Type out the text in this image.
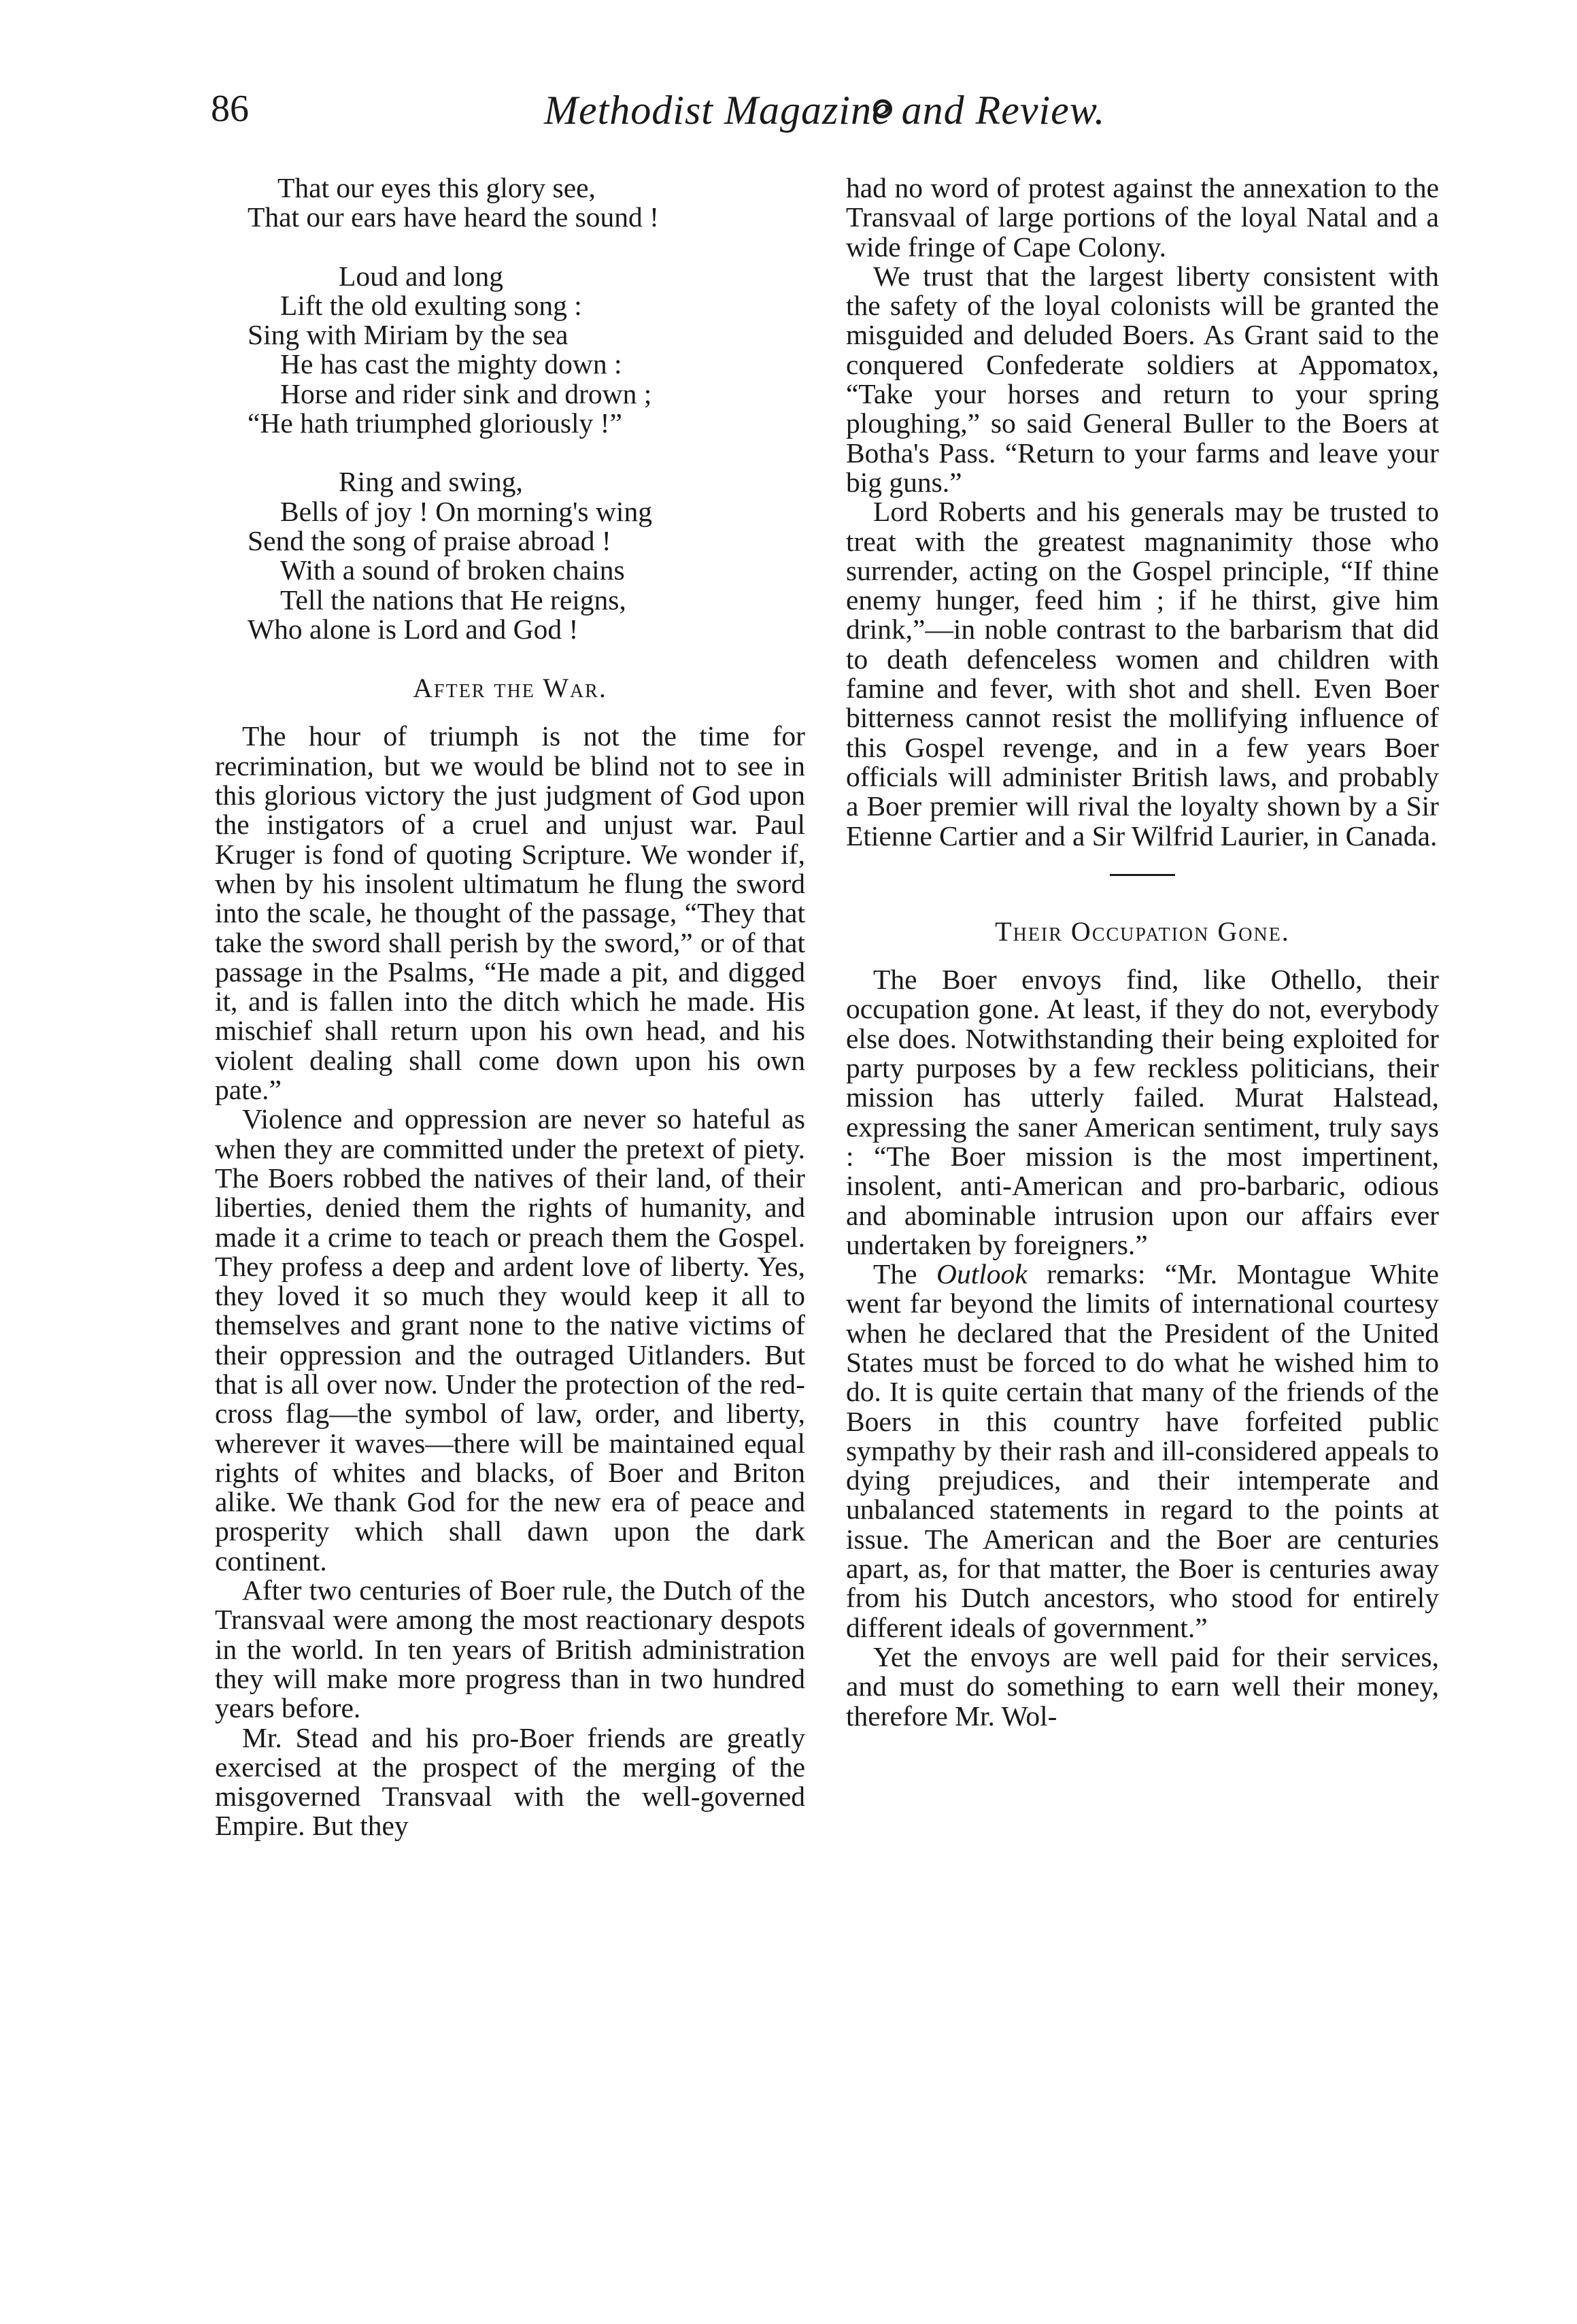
86	Methodist Magazine and Review.
That our eyes this glory see,
That our ears have heard the sound !
Loud and long
Lift the old exulting song :
Sing with Miriam by the sea
He has cast the mighty down :
Horse and rider sink and drown ;
“He hath triumphed gloriously !”
Ring and swing,
Bells of joy ! On morning's wing
Send the song of praise abroad !
With a sound of broken chains
Tell the nations that He reigns,
Who alone is Lord and God !
After the War.

The hour of triumph is not the time for recrimination, but we would be blind not to see in this glorious victory the just judgment of God upon the instigators of a cruel and unjust war. Paul Kruger is fond of quoting Scripture. We wonder if, when by his insolent ultimatum he flung the sword into the scale, he thought of the passage, “They that take the sword shall perish by the sword,” or of that passage in the Psalms, “He made a pit, and digged it, and is fallen into the ditch which he made. His mischief shall return upon his own head, and his violent dealing shall come down upon his own pate.”

Violence and oppression are never so hateful as when they are committed under the pretext of piety. The Boers robbed the natives of their land, of their liberties, denied them the rights of humanity, and made it a crime to teach or preach them the Gospel. They profess a deep and ardent love of liberty. Yes, they loved it so much they would keep it all to themselves and grant none to the native victims of their oppression and the outraged Uitlanders. But that is all over now. Under the protection of the red-cross flag—the symbol of law, order, and liberty, wherever it waves—there will be maintained equal rights of whites and blacks, of Boer and Briton alike. We thank God for the new era of peace and prosperity which shall dawn upon the dark continent.

After two centuries of Boer rule, the Dutch of the Transvaal were among the most reactionary despots in the world. In ten years of British administration they will make more progress than in two hundred years before.

Mr. Stead and his pro-Boer friends are greatly exercised at the prospect of the merging of the misgoverned Transvaal with the well-governed Empire. But they

had no word of protest against the annexation to the Transvaal of large portions of the loyal Natal and a wide fringe of Cape Colony.

We trust that the largest liberty consistent with the safety of the loyal colonists will be granted the misguided and deluded Boers. As Grant said to the conquered Confederate soldiers at Appomatox, “Take your horses and return to your spring ploughing,” so said General Buller to the Boers at Botha's Pass. “Return to your farms and leave your big guns.”

Lord Roberts and his generals may be trusted to treat with the greatest magnanimity those who surrender, acting on the Gospel principle, “If thine enemy hunger, feed him ; if he thirst, give him drink,”—in noble contrast to the barbarism that did to death defenceless women and children with famine and fever, with shot and shell. Even Boer bitterness cannot resist the mollifying influence of this Gospel revenge, and in a few years Boer officials will administer British laws, and probably a Boer premier will rival the loyalty shown by a Sir Etienne Cartier and a Sir Wilfrid Laurier, in Canada.

Their Occupation Gone.

The Boer envoys find, like Othello, their occupation gone. At least, if they do not, everybody else does. Notwithstanding their being exploited for party purposes by a few reckless politicians, their mission has utterly failed. Murat Halstead, expressing the saner American sentiment, truly says : “The Boer mission is the most impertinent, insolent, anti-American and pro-barbaric, odious and abominable intrusion upon our affairs ever undertaken by foreigners.”

The Outlook remarks: “Mr. Montague White went far beyond the limits of international courtesy when he declared that the President of the United States must be forced to do what he wished him to do. It is quite certain that many of the friends of the Boers in this country have forfeited public sympathy by their rash and ill-considered appeals to dying prejudices, and their intemperate and unbalanced statements in regard to the points at issue. The American and the Boer are centuries apart, as, for that matter, the Boer is centuries away from his Dutch ancestors, who stood for entirely different ideals of government.”

Yet the envoys are well paid for their services, and must do something to earn well their money, therefore Mr. Wol-
